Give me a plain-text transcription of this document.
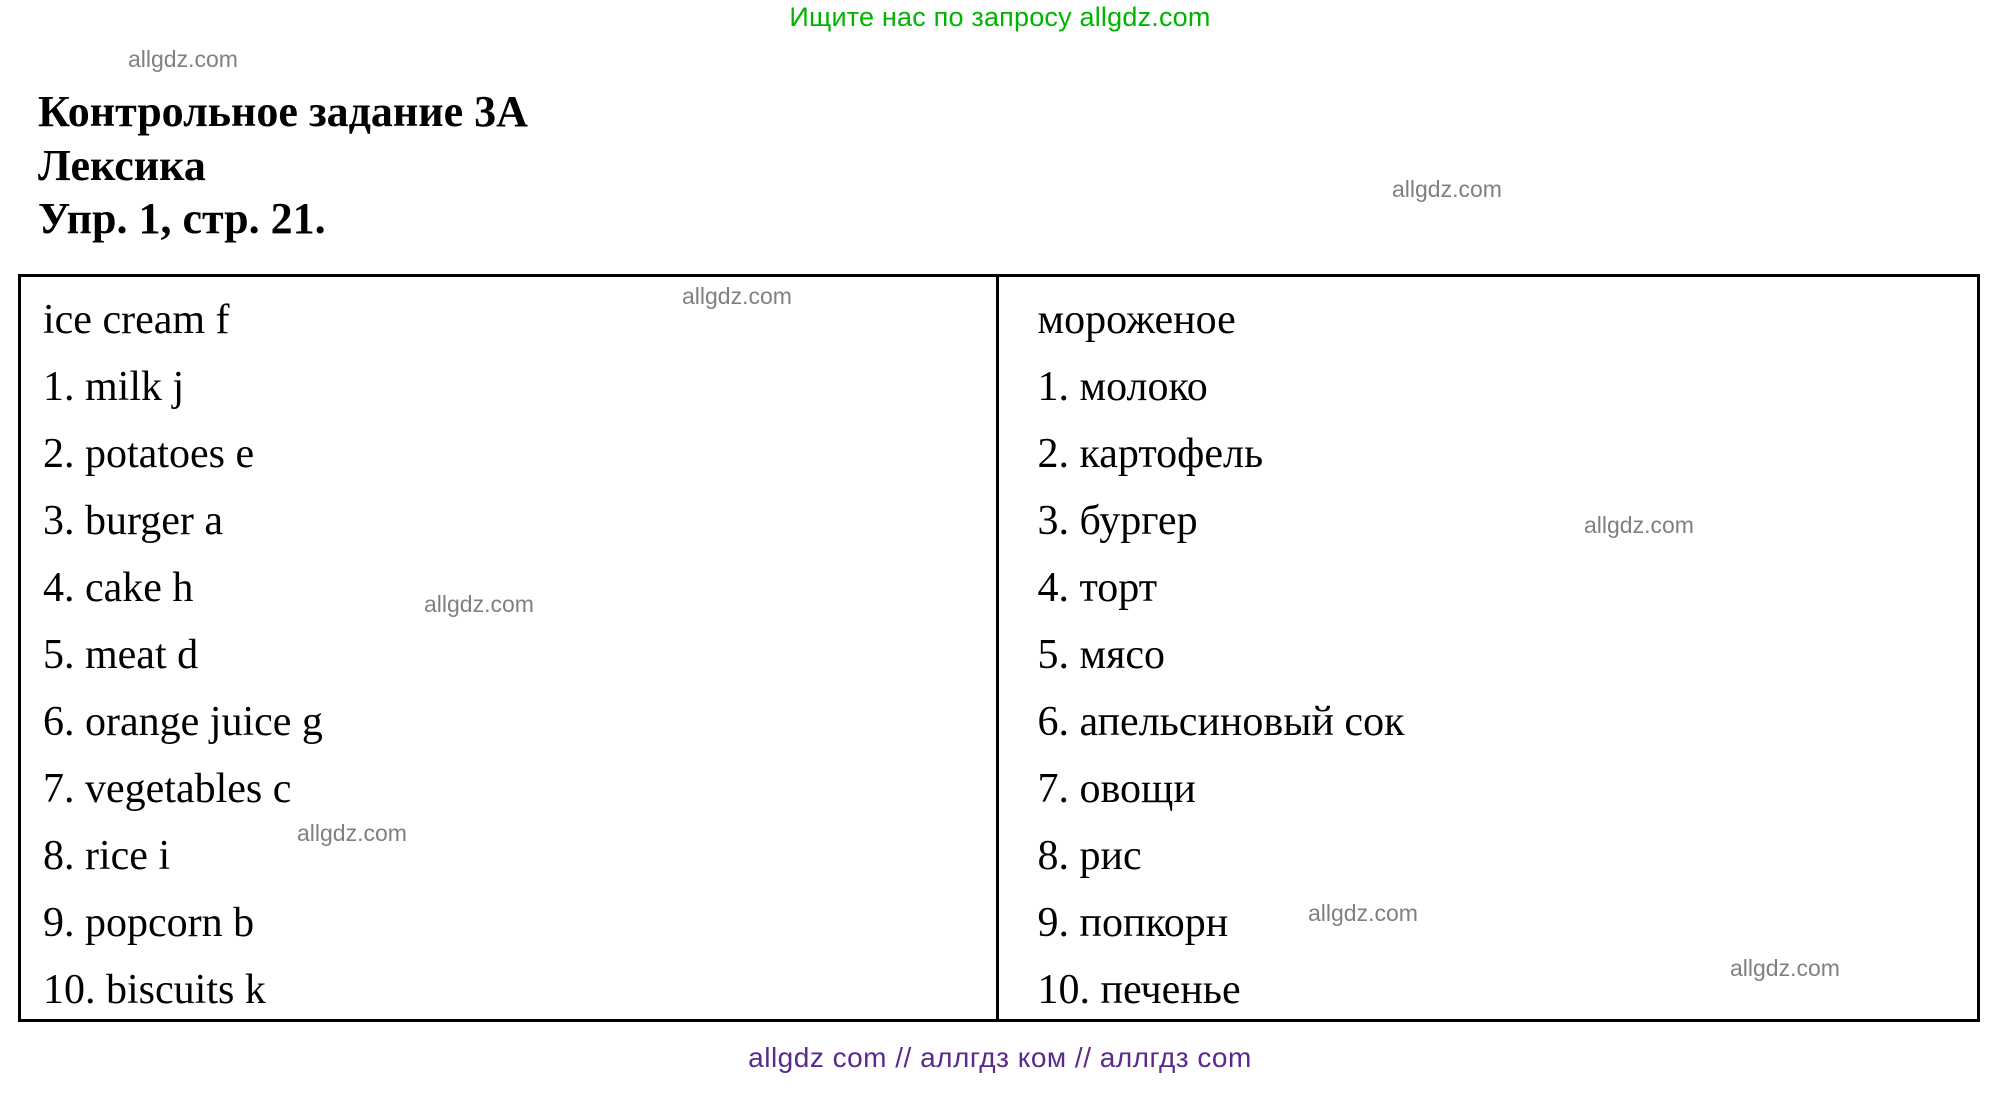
Ищите нас по запросу allgdz.com
allgdz.com
allgdz.com
allgdz.com
allgdz.com
allgdz.com
allgdz.com
allgdz.com
allgdz.com
Контрольное задание 3А
Лексика
Упр. 1, стр. 21.
ice cream f
1. milk j
2. potatoes e
3. burger a
4. cake h
5. meat d
6. orange juice g
7. vegetables c
8. rice i
9. popcorn b
10. biscuits k
мороженое
1. молоко
2. картофель
3. бургер
4. торт
5. мясо
6. апельсиновый сок
7. овощи
8. рис
9. попкорн
10. печенье
allgdz com // аллгдз ком // аллгдз com
